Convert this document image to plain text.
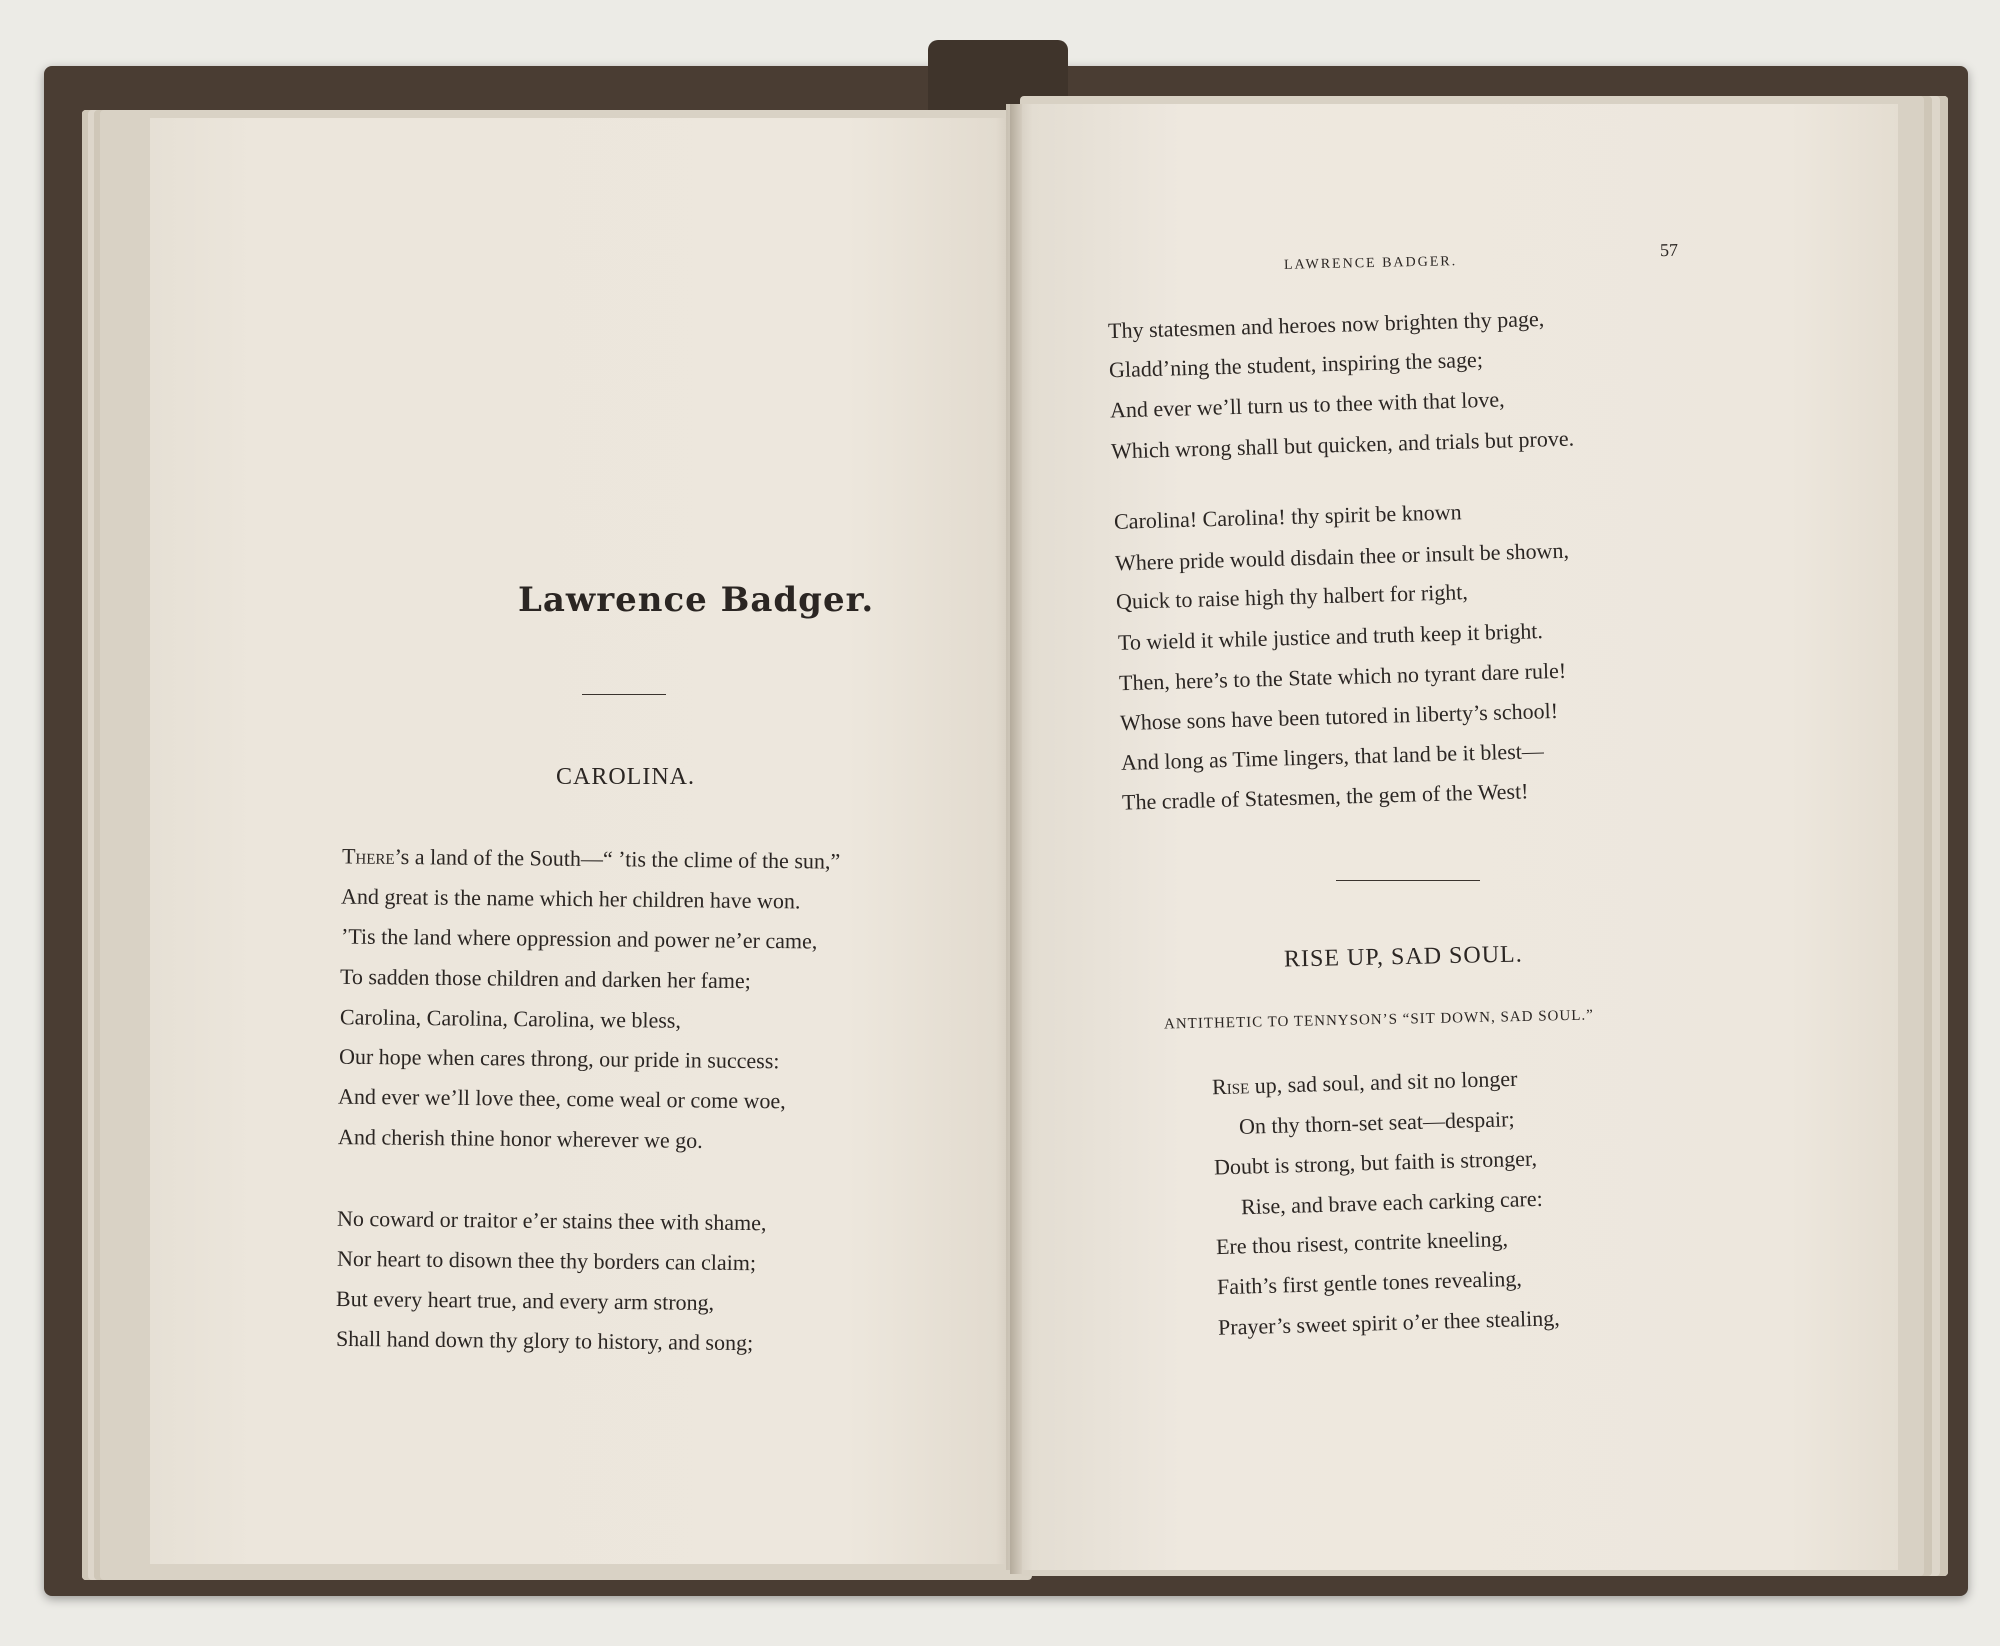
Lawrence Badger.
CAROLINA.
There’s a land of the South—“ ’tis the clime of the sun,”
And great is the name which her children have won.
’Tis the land where oppression and power ne’er came,
To sadden those children and darken her fame;
Carolina, Carolina, Carolina, we bless,
Our hope when cares throng, our pride in success:
And ever we’ll love thee, come weal or come woe,
And cherish thine honor wherever we go.
No coward or traitor e’er stains thee with shame,
Nor heart to disown thee thy borders can claim;
But every heart true, and every arm strong,
Shall hand down thy glory to history, and song;
LAWRENCE BADGER.
57
Thy statesmen and heroes now brighten thy page,
Gladd’ning the student, inspiring the sage;
And ever we’ll turn us to thee with that love,
Which wrong shall but quicken, and trials but prove.
Carolina! Carolina! thy spirit be known
Where pride would disdain thee or insult be shown,
Quick to raise high thy halbert for right,
To wield it while justice and truth keep it bright.
Then, here’s to the State which no tyrant dare rule!
Whose sons have been tutored in liberty’s school!
And long as Time lingers, that land be it blest—
The cradle of Statesmen, the gem of the West!
RISE UP, SAD SOUL.
ANTITHETIC TO TENNYSON’S “SIT DOWN, SAD SOUL.”
Rise up, sad soul, and sit no longer
On thy thorn-set seat—despair;
Doubt is strong, but faith is stronger,
Rise, and brave each carking care:
Ere thou risest, contrite kneeling,
Faith’s first gentle tones revealing,
Prayer’s sweet spirit o’er thee stealing,
